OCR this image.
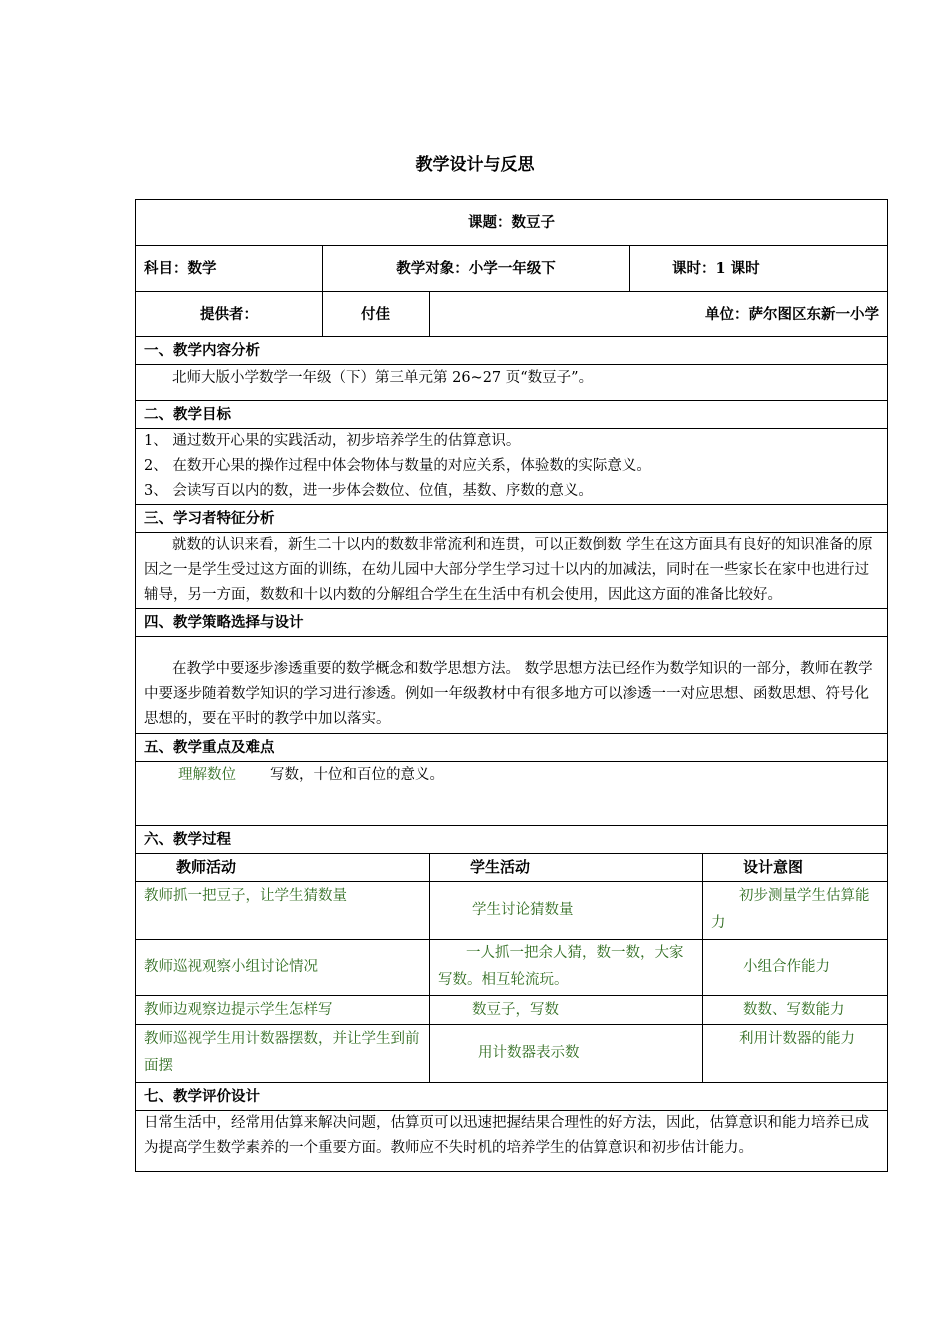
教学设计与反思
课题：数豆子				
科目：数学	教学对象：小学一年级下		课时：1 课时	
提供者：	付佳	单位：萨尔图区东新一小学		
一、教学内容分析				
北师大版小学数学一年级（下）第三单元第 26~27 页“数豆子”。				
二、教学目标				

1、 通过数开心果的实践活动，初步培养学生的估算意识。

2、 在数开心果的操作过程中体会物体与数量的对应关系，体验数的实际意义。

3、 会读写百以内的数，进一步体会数位、位值，基数、序数的意义。				

三、学习者特征分析				
就数的认识来看，新生二十以内的数数非常流利和连贯，可以正数倒数 学生在这方面具有良好的知识准备的原因之一是学生受过这方面的训练，在幼儿园中大部分学生学习过十以内的加减法，同时在一些家长在家中也进行过辅导，另一方面，数数和十以内数的分解组合学生在生活中有机会使用，因此这方面的准备比较好。				
四、教学策略选择与设计				
在教学中要逐步渗透重要的数学概念和数学思想方法。 数学思想方法已经作为数学知识的一部分，教师在教学中要逐步随着数学知识的学习进行渗透。例如一年级教材中有很多地方可以渗透一一对应思想、函数思想、符号化思想的，要在平时的教学中加以落实。				
五、教学重点及难点				
理解数位 写数，十位和百位的意义。				
六、教学过程				
教师活动		学生活动		设计意图
教师抓一把豆子，让学生猜数量		学生讨论猜数量		初步测量学生估算能力
教师巡视观察小组讨论情况		一人抓一把余人猜，数一数，大家写数。相互轮流玩。		小组合作能力
教师边观察边提示学生怎样写		数豆子，写数		数数、写数能力
教师巡视学生用计数器摆数，并让学生到前面摆		用计数器表示数		利用计数器的能力
七、教学评价设计				
日常生活中，经常用估算来解决问题，估算页可以迅速把握结果合理性的好方法，因此，估算意识和能力培养已成为提高学生数学素养的一个重要方面。教师应不失时机的培养学生的估算意识和初步估计能力。				
